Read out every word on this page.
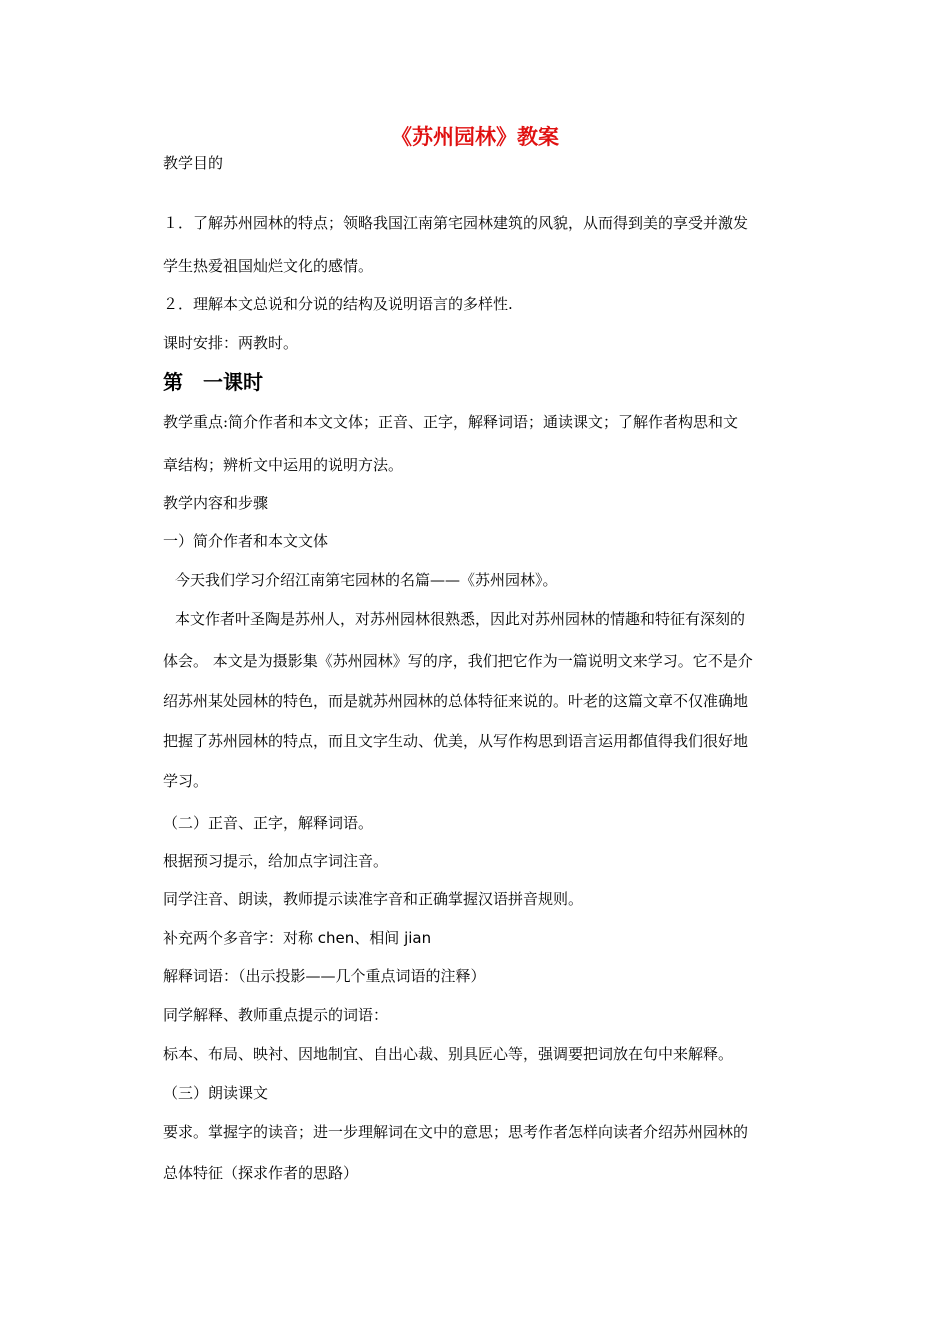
《苏州园林》教案
教学目的
１．了解苏州园林的特点；领略我国江南第宅园林建筑的风貌，从而得到美的享受并激发
学生热爱祖国灿烂文化的感情。
２．理解本文总说和分说的结构及说明语言的多样性.
课时安排：两教时。
第　一课时
教学重点:简介作者和本文文体；正音、正字，解释词语；通读课文；了解作者构思和文
章结构；辨析文中运用的说明方法。
教学内容和步骤
一）简介作者和本文文体
今天我们学习介绍江南第宅园林的名篇——《苏州园林》。
本文作者叶圣陶是苏州人，对苏州园林很熟悉，因此对苏州园林的情趣和特征有深刻的
体会。 本文是为摄影集《苏州园林》写的序，我们把它作为一篇说明文来学习。它不是介
绍苏州某处园林的特色，而是就苏州园林的总体特征来说的。叶老的这篇文章不仅准确地
把握了苏州园林的特点，而且文字生动、优美，从写作构思到语言运用都值得我们很好地
学习。
（二）正音、正字，解释词语。
根据预习提示，给加点字词注音。
同学注音、朗读，教师提示读准字音和正确掌握汉语拼音规则。
补充两个多音字：对称 chen、相间 jian
解释词语：（出示投影——几个重点词语的注释）
同学解释、教师重点提示的词语：
标本、布局、映衬、因地制宜、自出心裁、别具匠心等，强调要把词放在句中来解释。
（三）朗读课文
要求。掌握字的读音；进一步理解词在文中的意思；思考作者怎样向读者介绍苏州园林的
总体特征（探求作者的思路）
